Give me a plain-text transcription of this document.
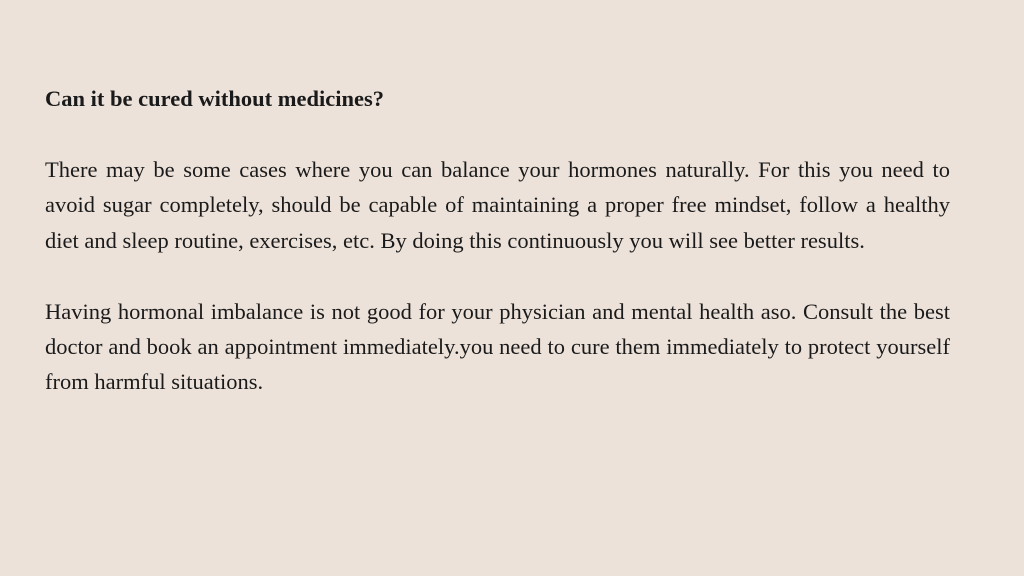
Can it be cured without medicines?

There may be some cases where you can balance your hormones naturally. For this you need to avoid sugar completely, should be capable of maintaining a proper free mindset, follow a healthy diet and sleep routine, exercises, etc. By doing this continuously you will see better results.

Having hormonal imbalance is not good for your physician and mental health aso. Consult the best doctor and book an appointment immediately.you need to cure them immediately to protect yourself from harmful situations.
